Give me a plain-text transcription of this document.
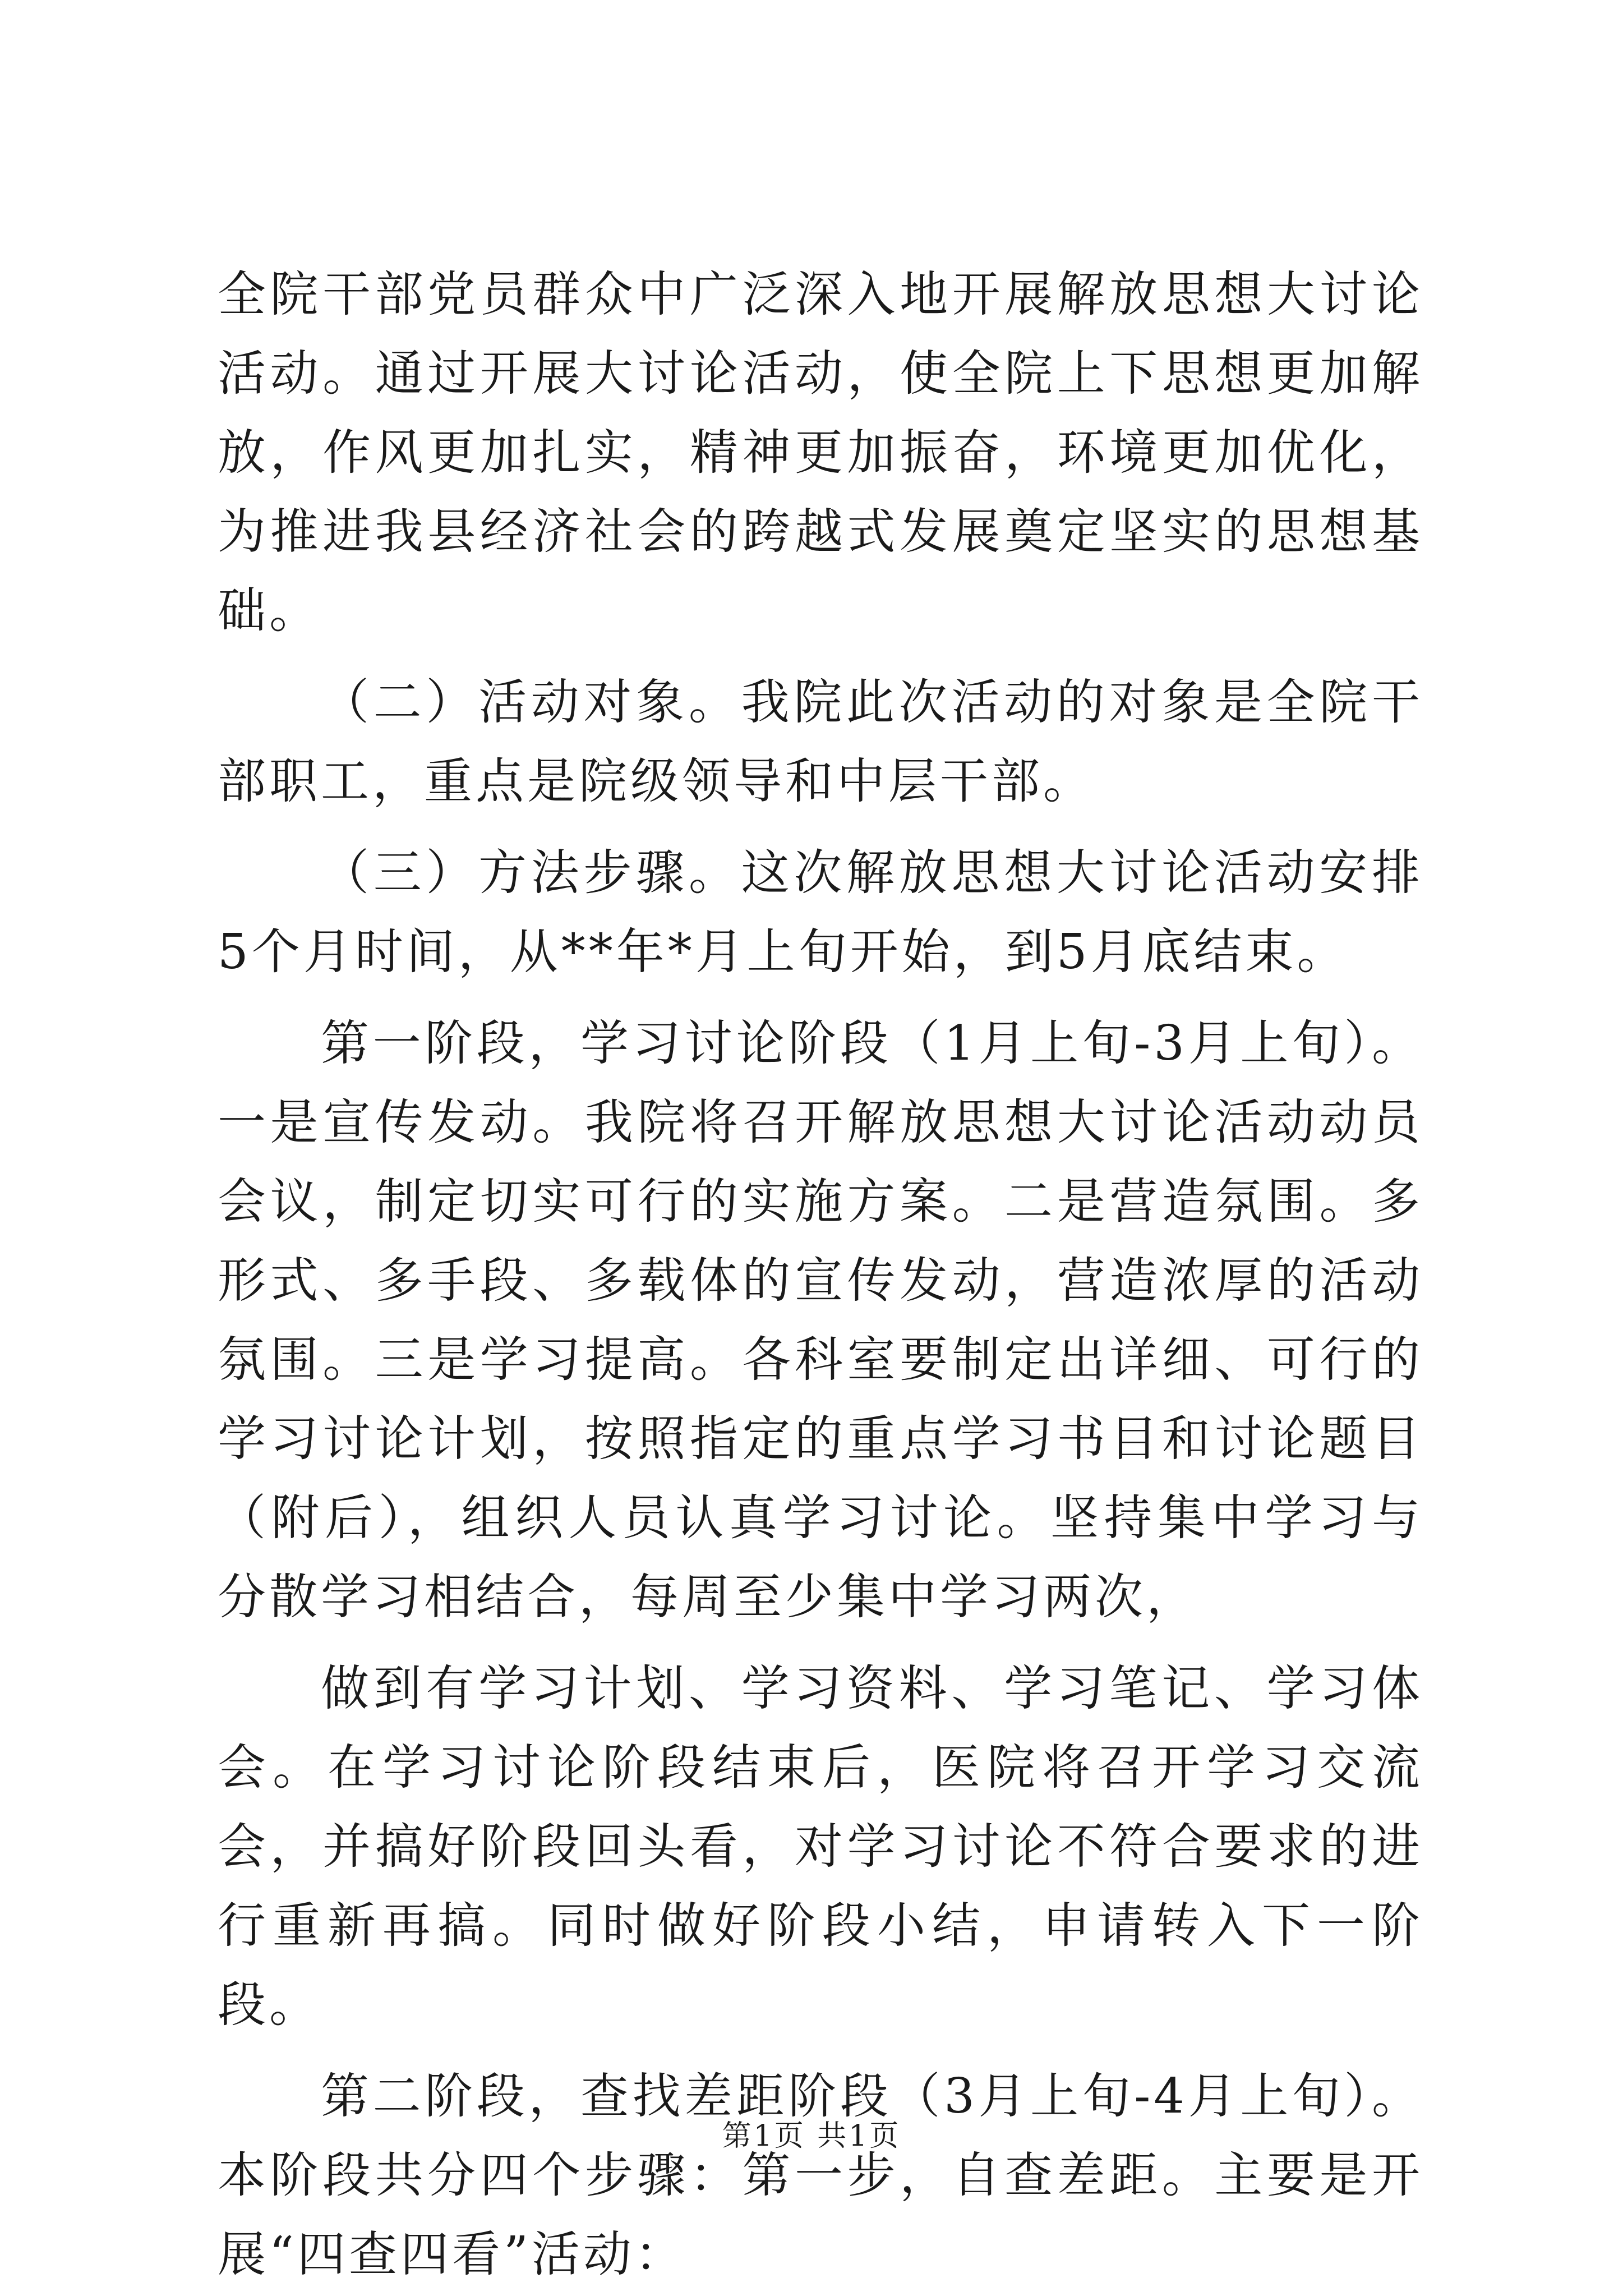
全院干部党员群众中广泛深入地开展解放思想大讨论活动。通过开展大讨论活动，使全院上下思想更加解放，作风更加扎实，精神更加振奋，环境更加优化，为推进我县经济社会的跨越式发展奠定坚实的思想基础。

（二）活动对象。我院此次活动的对象是全院干部职工，重点是院级领导和中层干部。

（三）方法步骤。这次解放思想大讨论活动安排5个月时间，从**年*月上旬开始，到5月底结束。

第一阶段，学习讨论阶段（1月上旬-3月上旬）。一是宣传发动。我院将召开解放思想大讨论活动动员会议，制定切实可行的实施方案。二是营造氛围。多形式、多手段、多载体的宣传发动，营造浓厚的活动氛围。三是学习提高。各科室要制定出详细、可行的学习讨论计划，按照指定的重点学习书目和讨论题目（附后），组织人员认真学习讨论。坚持集中学习与分散学习相结合，每周至少集中学习两次，

做到有学习计划、学习资料、学习笔记、学习体会。在学习讨论阶段结束后，医院将召开学习交流会，并搞好阶段回头看，对学习讨论不符合要求的进行重新再搞。同时做好阶段小结，申请转入下一阶段。

第二阶段，查找差距阶段（3月上旬-4月上旬）。本阶段共分四个步骤：第一步，自查差距。主要是开展“四查四看”活动：

第1页 共1页
